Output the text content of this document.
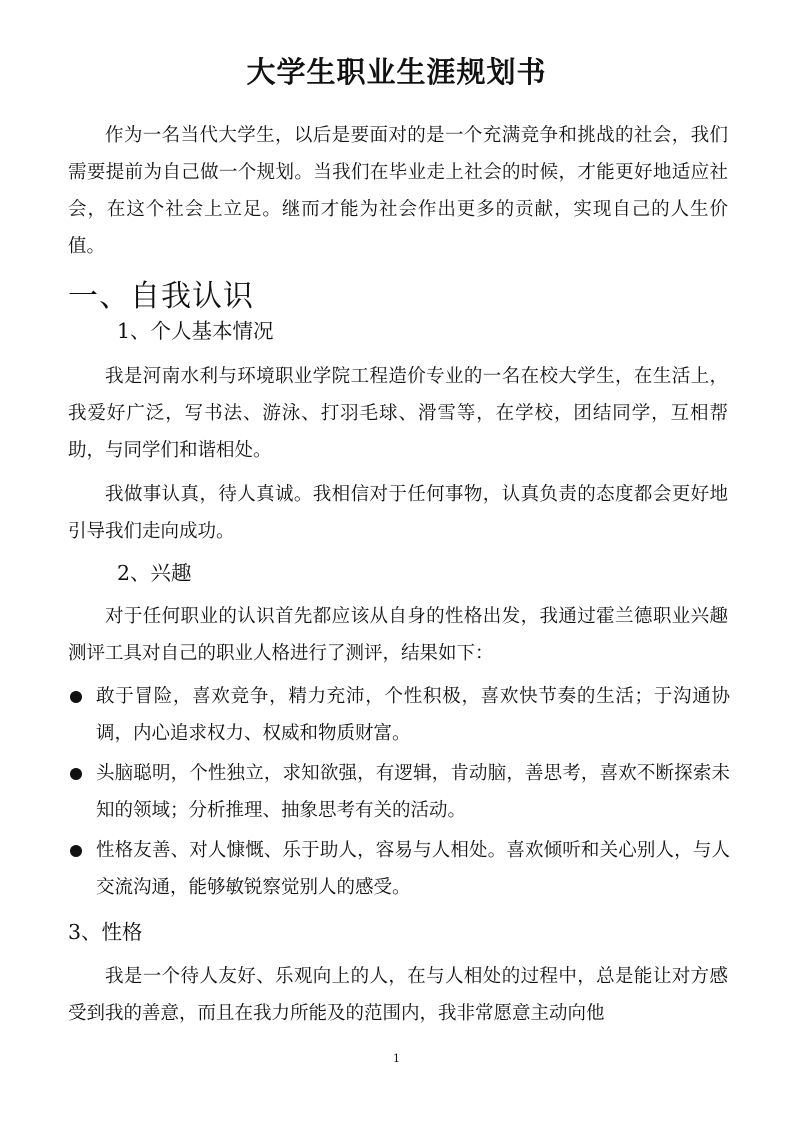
大学生职业生涯规划书
作为一名当代大学生，以后是要面对的是一个充满竞争和挑战的社会，我们需要提前为自己做一个规划。当我们在毕业走上社会的时候，才能更好地适应社会，在这个社会上立足。继而才能为社会作出更多的贡献，实现自己的人生价值。
一、自我认识
1、个人基本情况
我是河南水利与环境职业学院工程造价专业的一名在校大学生，在生活上，我爱好广泛，写书法、游泳、打羽毛球、滑雪等，在学校，团结同学，互相帮助，与同学们和谐相处。
我做事认真，待人真诚。我相信对于任何事物，认真负责的态度都会更好地引导我们走向成功。
2、兴趣
对于任何职业的认识首先都应该从自身的性格出发，我通过霍兰德职业兴趣测评工具对自己的职业人格进行了测评，结果如下：
敢于冒险，喜欢竞争，精力充沛，个性积极，喜欢快节奏的生活；于沟通协调，内心追求权力、权威和物质财富。
头脑聪明，个性独立，求知欲强，有逻辑，肯动脑，善思考，喜欢不断探索未知的领域；分析推理、抽象思考有关的活动。
性格友善、对人慷慨、乐于助人，容易与人相处。喜欢倾听和关心别人，与人交流沟通，能够敏锐察觉别人的感受。
3、性格
我是一个待人友好、乐观向上的人，在与人相处的过程中，总是能让对方感受到我的善意，而且在我力所能及的范围内，我非常愿意主动向他
1
